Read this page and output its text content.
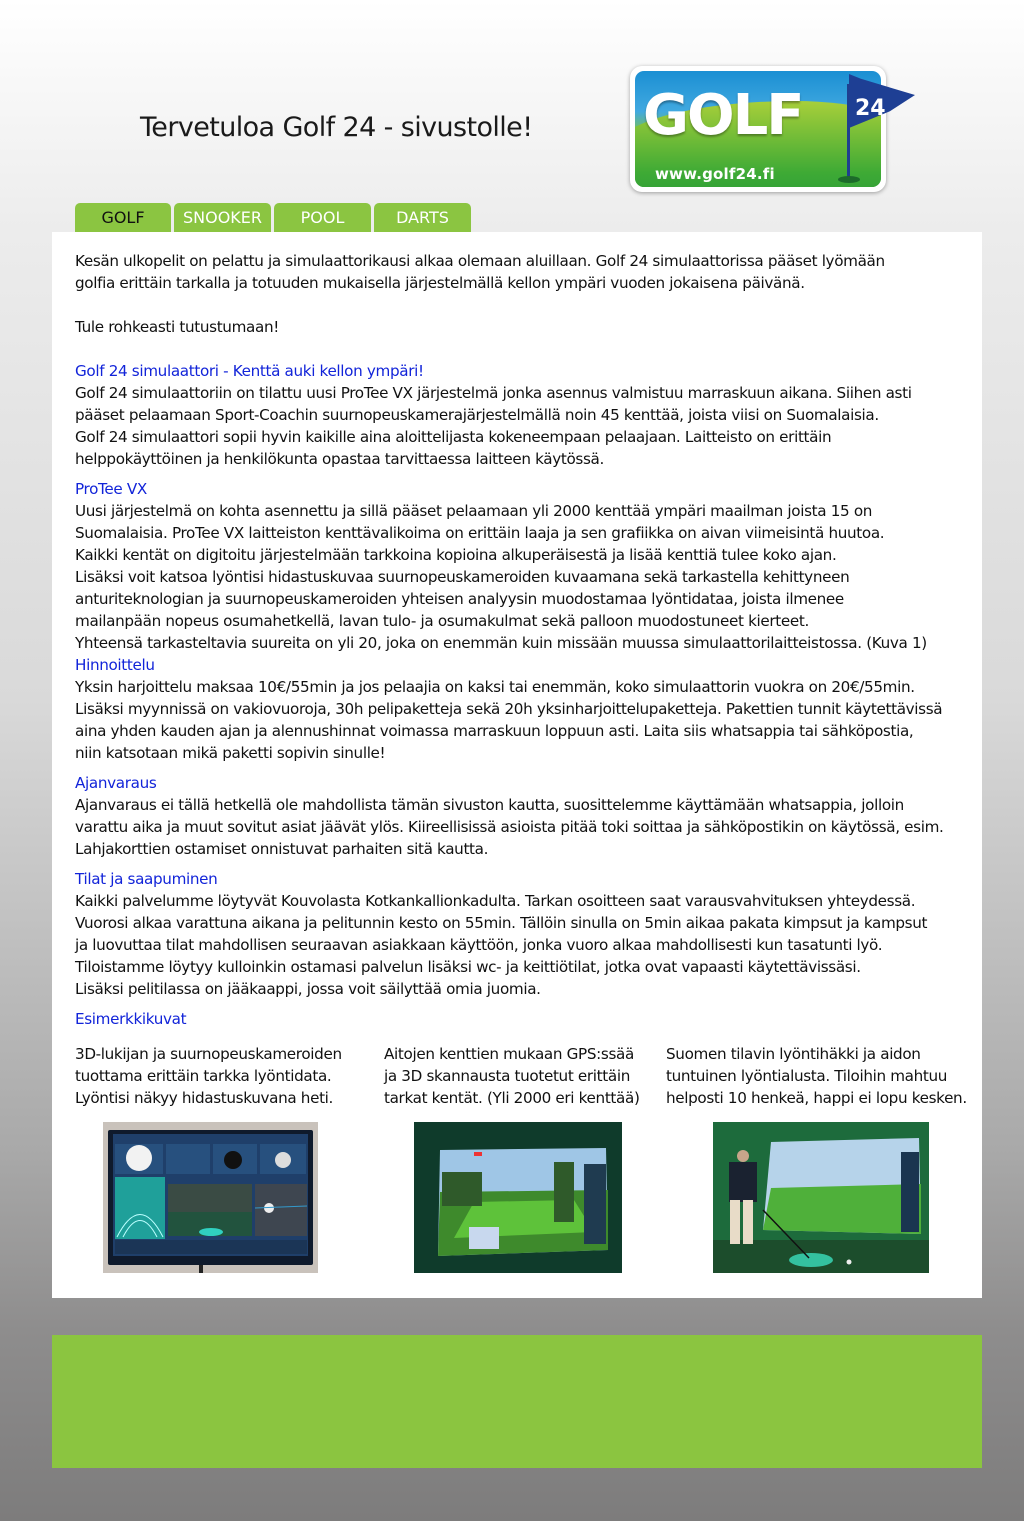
Tervetuloa Golf 24 - sivustolle! GOLF
www.golf24.fi
24
GOLF	SNOOKER	POOL	DARTS

Kesän ulkopelit on pelattu ja simulaattorikausi alkaa olemaan aluillaan. Golf 24 simulaattorissa pääset lyömään
golfia erittäin tarkalla ja totuuden mukaisella järjestelmällä kellon ympäri vuoden jokaisena päivänä.

Tule rohkeasti tutustumaan!

Golf 24 simulaattori - Kenttä auki kellon ympäri!

Golf 24 simulaattoriin on tilattu uusi ProTee VX järjestelmä jonka asennus valmistuu marraskuun aikana. Siihen asti
pääset pelaamaan Sport-Coachin suurnopeuskamerajärjestelmällä noin 45 kenttää, joista viisi on Suomalaisia.
Golf 24 simulaattori sopii hyvin kaikille aina aloittelijasta kokeneempaan pelaajaan. Laitteisto on erittäin
helppokäyttöinen ja henkilökunta opastaa tarvittaessa laitteen käytössä.

ProTee VX

Uusi järjestelmä on kohta asennettu ja sillä pääset pelaamaan yli 2000 kenttää ympäri maailman joista 15 on
Suomalaisia. ProTee VX laitteiston kenttävalikoima on erittäin laaja ja sen grafiikka on aivan viimeisintä huutoa.
Kaikki kentät on digitoitu järjestelmään tarkkoina kopioina alkuperäisestä ja lisää kenttiä tulee koko ajan.
Lisäksi voit katsoa lyöntisi hidastuskuvaa suurnopeuskameroiden kuvaamana sekä tarkastella kehittyneen
anturiteknologian ja suurnopeuskameroiden yhteisen analyysin muodostamaa lyöntidataa, joista ilmenee
mailanpään nopeus osumahetkellä, lavan tulo- ja osumakulmat sekä palloon muodostuneet kierteet.
Yhteensä tarkasteltavia suureita on yli 20, joka on enemmän kuin missään muussa simulaattorilaitteistossa. (Kuva 1)

Hinnoittelu

Yksin harjoittelu maksaa 10€/55min ja jos pelaajia on kaksi tai enemmän, koko simulaattorin vuokra on 20€/55min.
Lisäksi myynnissä on vakiovuoroja, 30h pelipaketteja sekä 20h yksinharjoittelupaketteja. Pakettien tunnit käytettävissä
aina yhden kauden ajan ja alennushinnat voimassa marraskuun loppuun asti. Laita siis whatsappia tai sähköpostia,
niin katsotaan mikä paketti sopivin sinulle!

Ajanvaraus

Ajanvaraus ei tällä hetkellä ole mahdollista tämän sivuston kautta, suosittelemme käyttämään whatsappia, jolloin
varattu aika ja muut sovitut asiat jäävät ylös. Kiireellisissä asioista pitää toki soittaa ja sähköpostikin on käytössä, esim.
Lahjakorttien ostamiset onnistuvat parhaiten sitä kautta.

Tilat ja saapuminen

Kaikki palvelumme löytyvät Kouvolasta Kotkankallionkadulta. Tarkan osoitteen saat varausvahvituksen yhteydessä.
Vuorosi alkaa varattuna aikana ja pelitunnin kesto on 55min. Tällöin sinulla on 5min aikaa pakata kimpsut ja kampsut
ja luovuttaa tilat mahdollisen seuraavan asiakkaan käyttöön, jonka vuoro alkaa mahdollisesti kun tasatunti lyö.
Tiloistamme löytyy kulloinkin ostamasi palvelun lisäksi wc- ja keittiötilat, jotka ovat vapaasti käytettävissäsi.
Lisäksi pelitilassa on jääkaappi, jossa voit säilyttää omia juomia.

Esimerkkikuvat

3D-lukijan ja suurnopeuskameroiden
tuottama erittäin tarkka lyöntidata.
Lyöntisi näkyy hidastuskuvana heti.
Aitojen kenttien mukaan GPS:ssää
ja 3D skannausta tuotetut erittäin
tarkat kentät. (Yli 2000 eri kenttää)
Suomen tilavin lyöntihäkki ja aidon
tuntuinen lyöntialusta. Tiloihin mahtuu
helposti 10 henkeä, happi ei lopu kesken.
